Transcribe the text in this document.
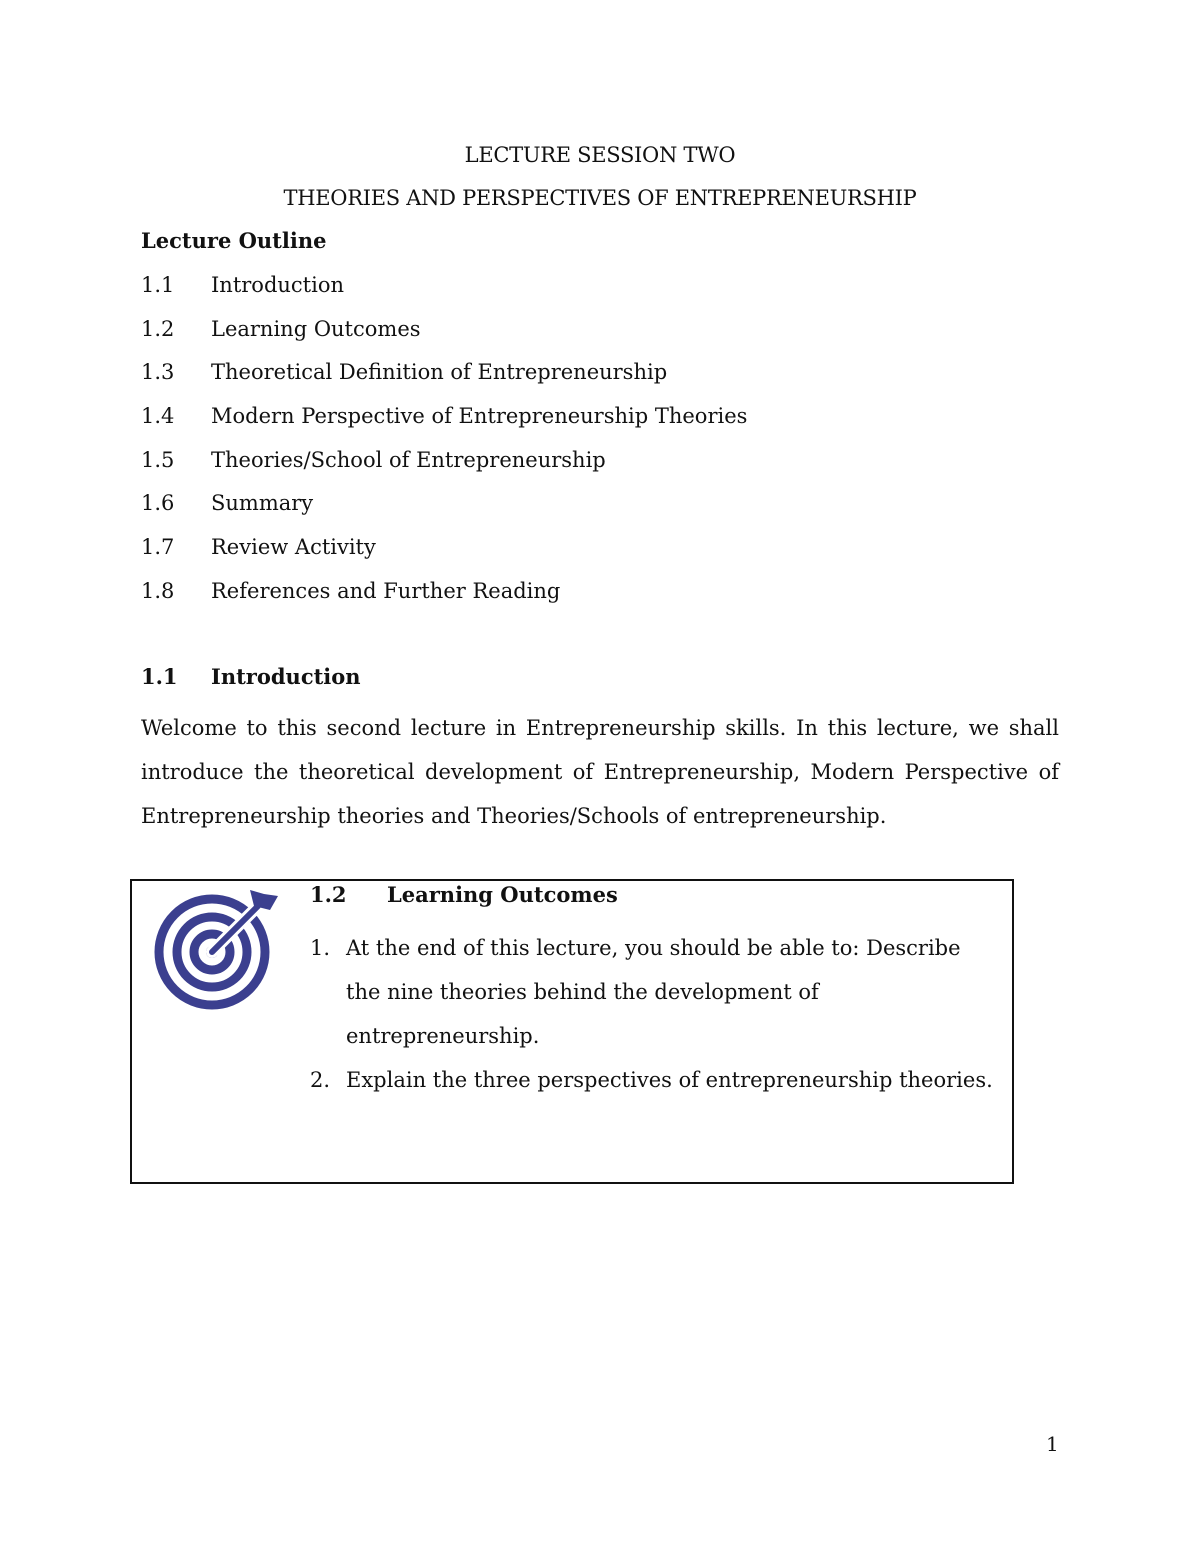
LECTURE SESSION TWO
THEORIES AND PERSPECTIVES OF ENTREPRENEURSHIP
Lecture Outline
1.1	Introduction
1.2	Learning Outcomes
1.3	Theoretical Definition of Entrepreneurship
1.4	Modern Perspective of Entrepreneurship Theories
1.5	Theories/School of Entrepreneurship
1.6	Summary
1.7	Review Activity
1.8	References and Further Reading
1.1	Introduction

Welcome to this second lecture in Entrepreneurship skills. In this lecture, we shall introduce the theoretical development of Entrepreneurship, Modern Perspective of Entrepreneurship theories and Theories/Schools of entrepreneurship.

1.2	Learning Outcomes
1. At the end of this lecture, you should be able to: Describe the nine theories behind the development of entrepreneurship.
2. Explain the three perspectives of entrepreneurship theories.
1
